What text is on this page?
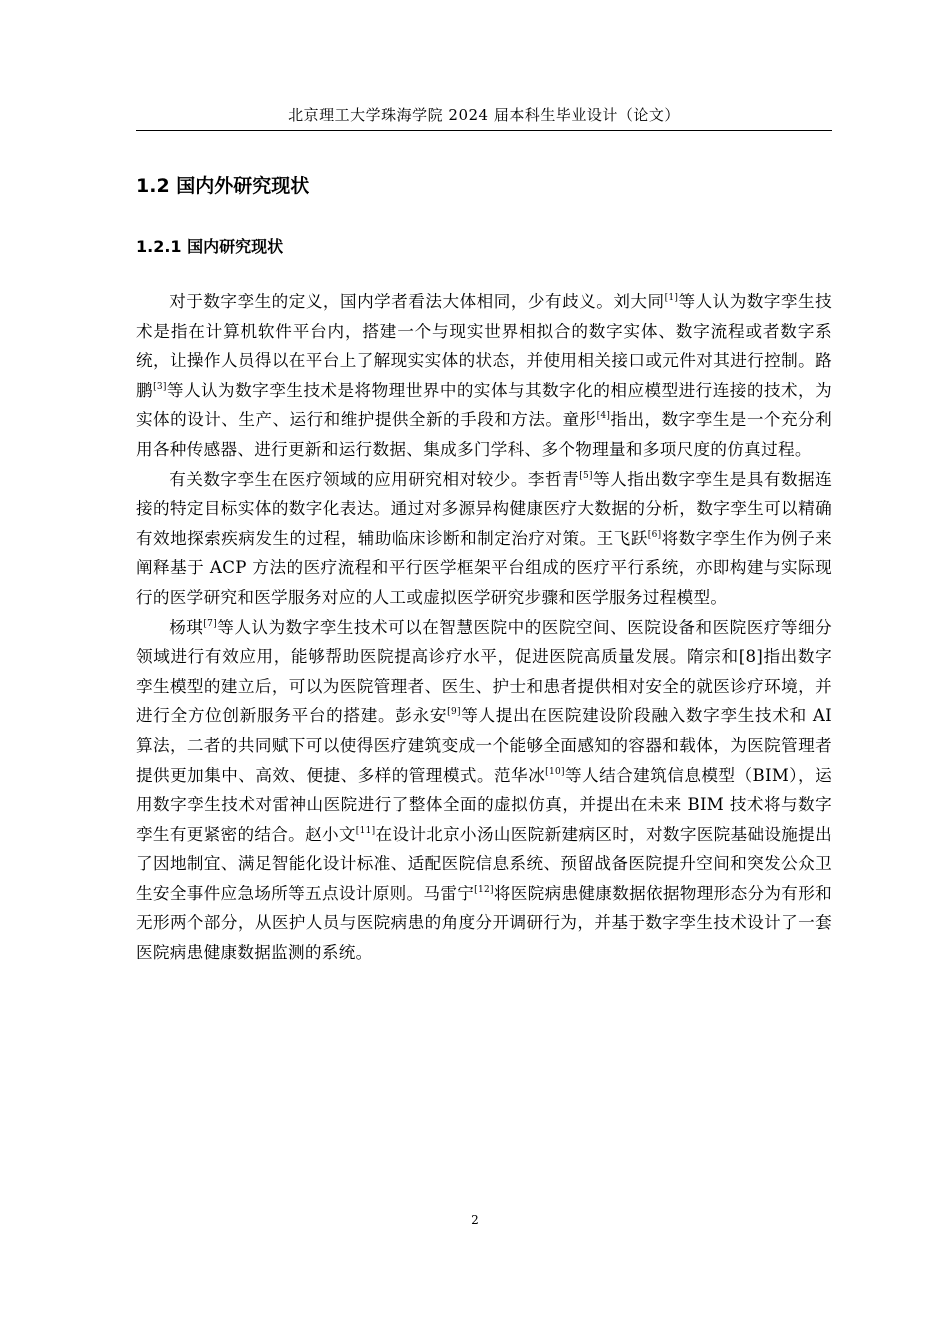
北京理工大学珠海学院 2024 届本科生毕业设计（论文）
1.2 国内外研究现状
1.2.1 国内研究现状

对于数字孪生的定义，国内学者看法大体相同，少有歧义。刘大同[1]等人认为数字孪生技术是指在计算机软件平台内，搭建一个与现实世界相拟合的数字实体、数字流程或者数字系统，让操作人员得以在平台上了解现实实体的状态，并使用相关接口或元件对其进行控制。路鹏[3]等人认为数字孪生技术是将物理世界中的实体与其数字化的相应模型进行连接的技术，为实体的设计、生产、运行和维护提供全新的手段和方法。童彤[4]指出，数字孪生是一个充分利用各种传感器、进行更新和运行数据、集成多门学科、多个物理量和多项尺度的仿真过程。

有关数字孪生在医疗领域的应用研究相对较少。李哲青[5]等人指出数字孪生是具有数据连接的特定目标实体的数字化表达。通过对多源异构健康医疗大数据的分析，数字孪生可以精确有效地探索疾病发生的过程，辅助临床诊断和制定治疗对策。王飞跃[6]将数字孪生作为例子来阐释基于 ACP 方法的医疗流程和平行医学框架平台组成的医疗平行系统，亦即构建与实际现行的医学研究和医学服务对应的人工或虚拟医学研究步骤和医学服务过程模型。

杨琪[7]等人认为数字孪生技术可以在智慧医院中的医院空间、医院设备和医院医疗等细分领域进行有效应用，能够帮助医院提高诊疗水平，促进医院高质量发展。隋宗和[8]指出数字孪生模型的建立后，可以为医院管理者、医生、护士和患者提供相对安全的就医诊疗环境，并进行全方位创新服务平台的搭建。彭永安[9]等人提出在医院建设阶段融入数字孪生技术和 AI 算法，二者的共同赋下可以使得医疗建筑变成一个能够全面感知的容器和载体，为医院管理者提供更加集中、高效、便捷、多样的管理模式。范华冰[10]等人结合建筑信息模型（BIM），运用数字孪生技术对雷神山医院进行了整体全面的虚拟仿真，并提出在未来 BIM 技术将与数字孪生有更紧密的结合。赵小文[11]在设计北京小汤山医院新建病区时，对数字医院基础设施提出了因地制宜、满足智能化设计标准、适配医院信息系统、预留战备医院提升空间和突发公众卫生安全事件应急场所等五点设计原则。马雷宁[12]将医院病患健康数据依据物理形态分为有形和无形两个部分，从医护人员与医院病患的角度分开调研行为，并基于数字孪生技术设计了一套医院病患健康数据监测的系统。

2
